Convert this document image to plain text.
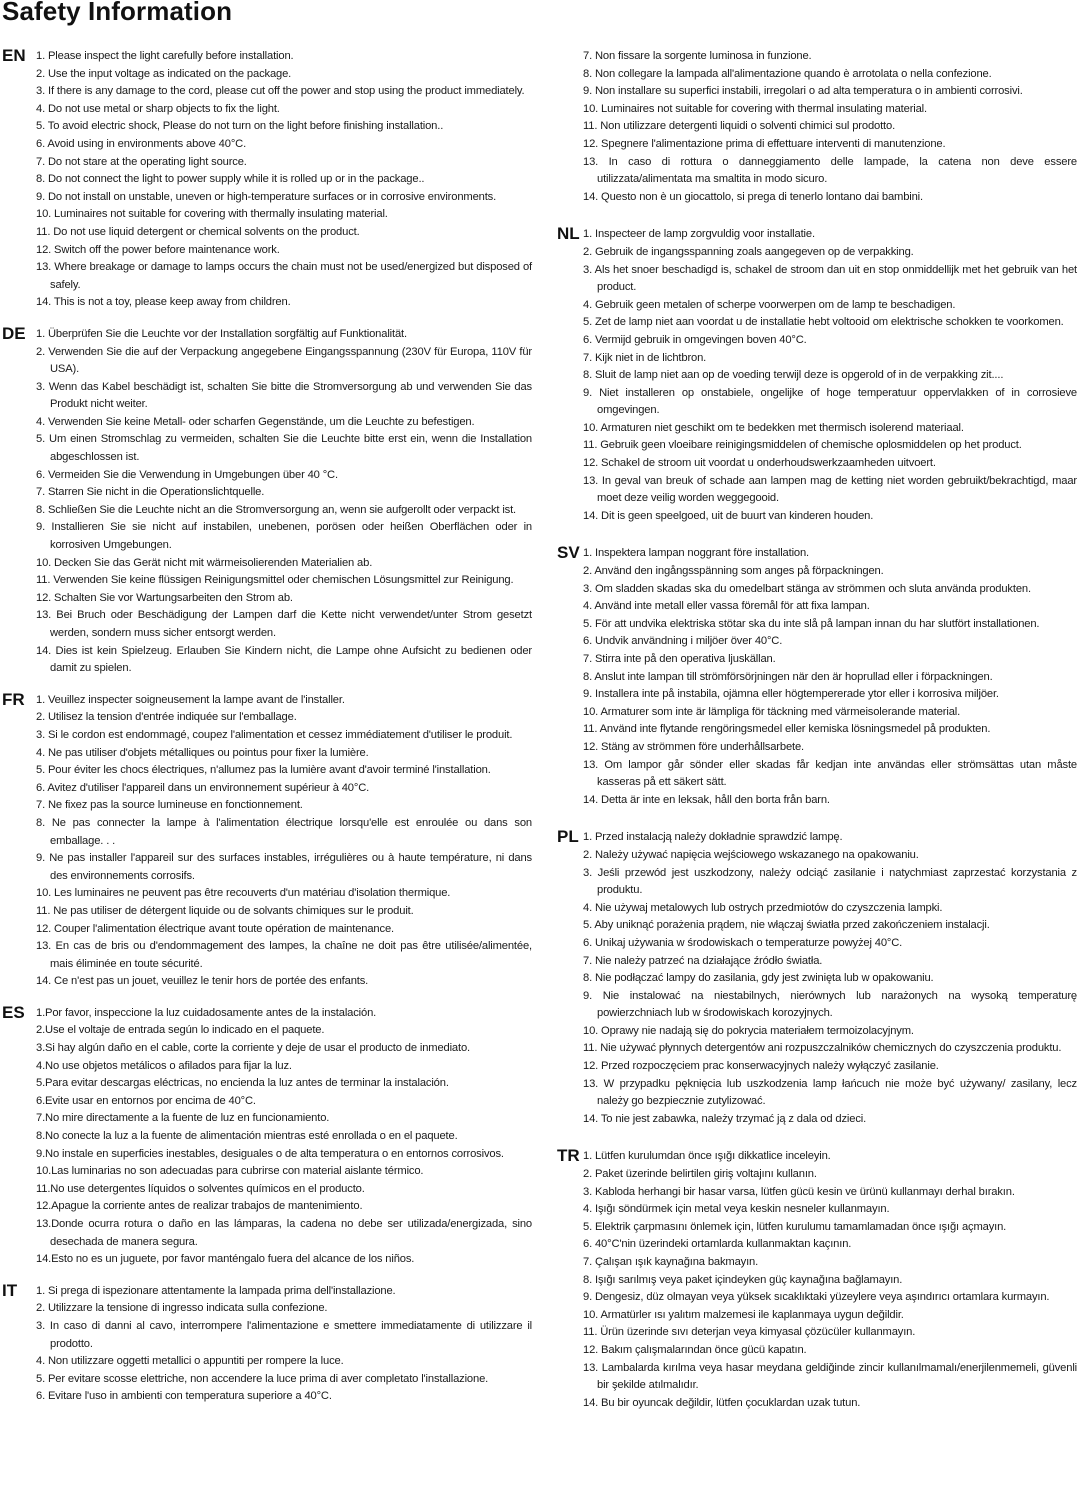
Safety Information
EN 1. Please inspect the light carefully before installation.
2. Use the input voltage as indicated on the package.
3. If there is any damage to the cord, please cut off the power and stop using the product immediately.
4. Do not use metal or sharp objects to fix the light.
5. To avoid electric shock, Please do not turn on the light before finishing installation..
6. Avoid using in environments above 40°C.
7. Do not stare at the operating light source.
8. Do not connect the light to power supply while it is rolled up or in the package..
9. Do not install on unstable, uneven or high-temperature surfaces or in corrosive environments.
10. Luminaires not suitable for covering with thermally insulating material.
11. Do not use liquid detergent or chemical solvents on the product.
12. Switch off the power before maintenance work.
13. Where breakage or damage to lamps occurs the chain must not be used/energized but disposed of safely.
14. This is not a toy, please keep away from children.
DE 1. Überprüfen Sie die Leuchte vor der Installation sorgfältig auf Funktionalität.
2. Verwenden Sie die auf der Verpackung angegebene Eingangsspannung (230V für Europa, 110V für USA).
3. Wenn das Kabel beschädigt ist, schalten Sie bitte die Stromversorgung ab und verwenden Sie das Produkt nicht weiter.
4. Verwenden Sie keine Metall- oder scharfen Gegenstände, um die Leuchte zu befestigen.
5. Um einen Stromschlag zu vermeiden, schalten Sie die Leuchte bitte erst ein, wenn die Installation abgeschlossen ist.
6. Vermeiden Sie die Verwendung in Umgebungen über 40 °C.
7. Starren Sie nicht in die Operationslichtquelle.
8. Schließen Sie die Leuchte nicht an die Stromversorgung an, wenn sie aufgerollt oder verpackt ist.
9. Installieren Sie sie nicht auf instabilen, unebenen, porösen oder heißen Oberflächen oder in korrosiven Umgebungen.
10. Decken Sie das Gerät nicht mit wärmeisolierenden Materialien ab.
11. Verwenden Sie keine flüssigen Reinigungsmittel oder chemischen Lösungsmittel zur Reinigung.
12. Schalten Sie vor Wartungsarbeiten den Strom ab.
13. Bei Bruch oder Beschädigung der Lampen darf die Kette nicht verwendet/unter Strom gesetzt werden, sondern muss sicher entsorgt werden.
14. Dies ist kein Spielzeug. Erlauben Sie Kindern nicht, die Lampe ohne Aufsicht zu bedienen oder damit zu spielen.
FR 1. Veuillez inspecter soigneusement la lampe avant de l'installer.
2. Utilisez la tension d'entrée indiquée sur l'emballage.
3. Si le cordon est endommagé, coupez l'alimentation et cessez immédiatement d'utiliser le produit.
4. Ne pas utiliser d'objets métalliques ou pointus pour fixer la lumière.
5. Pour éviter les chocs électriques, n'allumez pas la lumière avant d'avoir terminé l'installation.
6. Avitez d'utiliser l'appareil dans un environnement supérieur à 40°C.
7. Ne fixez pas la source lumineuse en fonctionnement.
8. Ne pas connecter la lampe à l'alimentation électrique lorsqu'elle est enroulée ou dans son emballage. . .
9. Ne pas installer l'appareil sur des surfaces instables, irrégulières ou à haute température, ni dans des environnements corrosifs.
10. Les luminaires ne peuvent pas être recouverts d'un matériau d'isolation thermique.
11. Ne pas utiliser de détergent liquide ou de solvants chimiques sur le produit.
12. Couper l'alimentation électrique avant toute opération de maintenance.
13. En cas de bris ou d'endommagement des lampes, la chaîne ne doit pas être utilisée/alimentée, mais éliminée en toute sécurité.
14. Ce n'est pas un jouet, veuillez le tenir hors de portée des enfants.
ES 1.Por favor, inspeccione la luz cuidadosamente antes de la instalación.
2.Use el voltaje de entrada según lo indicado en el paquete.
3.Si hay algún daño en el cable, corte la corriente y deje de usar el producto de inmediato.
4.No use objetos metálicos o afilados para fijar la luz.
5.Para evitar descargas eléctricas, no encienda la luz antes de terminar la instalación.
6.Evite usar en entornos por encima de 40°C.
7.No mire directamente a la fuente de luz en funcionamiento.
8.No conecte la luz a la fuente de alimentación mientras esté enrollada o en el paquete.
9.No instale en superficies inestables, desiguales o de alta temperatura o en entornos corrosivos.
10.Las luminarias no son adecuadas para cubrirse con material aislante térmico.
11.No use detergentes líquidos o solventes químicos en el producto.
12.Apague la corriente antes de realizar trabajos de mantenimiento.
13.Donde ocurra rotura o daño en las lámparas, la cadena no debe ser utilizada/energizada, sino desechada de manera segura.
14.Esto no es un juguete, por favor manténgalo fuera del alcance de los niños.
IT 1. Si prega di ispezionare attentamente la lampada prima dell'installazione.
2. Utilizzare la tensione di ingresso indicata sulla confezione.
3. In caso di danni al cavo, interrompere l'alimentazione e smettere immediatamente di utilizzare il prodotto.
4. Non utilizzare oggetti metallici o appuntiti per rompere la luce.
5. Per evitare scosse elettriche, non accendere la luce prima di aver completato l'installazione.
6. Evitare l'uso in ambienti con temperatura superiore a 40°C.
7. Non fissare la sorgente luminosa in funzione.
8. Non collegare la lampada all'alimentazione quando è arrotolata o nella confezione.
9. Non installare su superfici instabili, irregolari o ad alta temperatura o in ambienti corrosivi.
10. Luminaires not suitable for covering with thermal insulating material.
11. Non utilizzare detergenti liquidi o solventi chimici sul prodotto.
12. Spegnere l'alimentazione prima di effettuare interventi di manutenzione.
13. In caso di rottura o danneggiamento delle lampade, la catena non deve essere utilizzata/alimentata ma smaltita in modo sicuro.
14. Questo non è un giocattolo, si prega di tenerlo lontano dai bambini.
NL 1. Inspecteer de lamp zorgvuldig voor installatie.
2. Gebruik de ingangsspanning zoals aangegeven op de verpakking.
3. Als het snoer beschadigd is, schakel de stroom dan uit en stop onmiddellijk met het gebruik van het product.
4. Gebruik geen metalen of scherpe voorwerpen om de lamp te beschadigen.
5. Zet de lamp niet aan voordat u de installatie hebt voltooid om elektrische schokken te voorkomen.
6. Vermijd gebruik in omgevingen boven 40°C.
7. Kijk niet in de lichtbron.
8. Sluit de lamp niet aan op de voeding terwijl deze is opgerold of in de verpakking zit....
9. Niet installeren op onstabiele, ongelijke of hoge temperatuur oppervlakken of in corrosieve omgevingen.
10. Armaturen niet geschikt om te bedekken met thermisch isolerend materiaal.
11. Gebruik geen vloeibare reinigingsmiddelen of chemische oplosmiddelen op het product.
12. Schakel de stroom uit voordat u onderhoudswerkzaamheden uitvoert.
13. In geval van breuk of schade aan lampen mag de ketting niet worden gebruikt/bekrachtigd, maar moet deze veilig worden weggegooid.
14. Dit is geen speelgoed, uit de buurt van kinderen houden.
SV 1. Inspektera lampan noggrant före installation.
2. Använd den ingångsspänning som anges på förpackningen.
3. Om sladden skadas ska du omedelbart stänga av strömmen och sluta använda produkten.
4. Använd inte metall eller vassa föremål för att fixa lampan.
5. För att undvika elektriska stötar ska du inte slå på lampan innan du har slutfört installationen.
6. Undvik användning i miljöer över 40°C.
7. Stirra inte på den operativa ljuskällan.
8. Anslut inte lampan till strömförsörjningen när den är hoprullad eller i förpackningen.
9. Installera inte på instabila, ojämna eller högtempererade ytor eller i korrosiva miljöer.
10. Armaturer som inte är lämpliga för täckning med värmeisolerande material.
11. Använd inte flytande rengöringsmedel eller kemiska lösningsmedel på produkten.
12. Stäng av strömmen före underhållsarbete.
13. Om lampor går sönder eller skadas får kedjan inte användas eller strömsättas utan måste kasseras på ett säkert sätt.
14. Detta är inte en leksak, håll den borta från barn.
PL 1. Przed instalacją należy dokładnie sprawdzić lampę.
2. Należy używać napięcia wejściowego wskazanego na opakowaniu.
3. Jeśli przewód jest uszkodzony, należy odciąć zasilanie i natychmiast zaprzestać korzystania z produktu.
4. Nie używaj metalowych lub ostrych przedmiotów do czyszczenia lampki.
5. Aby uniknąć porażenia prądem, nie włączaj światła przed zakończeniem instalacji.
6. Unikaj używania w środowiskach o temperaturze powyżej 40°C.
7. Nie należy patrzeć na działające źródło światła.
8. Nie podłączać lampy do zasilania, gdy jest zwinięta lub w opakowaniu.
9. Nie instalować na niestabilnych, nierównych lub narażonych na wysoką temperaturę powierzchniach lub w środowiskach korozyjnych.
10. Oprawy nie nadają się do pokrycia materiałem termoizolacyjnym.
11. Nie używać płynnych detergentów ani rozpuszczalników chemicznych do czyszczenia produktu.
12. Przed rozpoczęciem prac konserwacyjnych należy wyłączyć zasilanie.
13. W przypadku pęknięcia lub uszkodzenia lamp łańcuch nie może być używany/ zasilany, lecz należy go bezpiecznie zutylizować.
14. To nie jest zabawka, należy trzymać ją z dala od dzieci.
TR 1. Lütfen kurulumdan önce ışığı dikkatlice inceleyin.
2. Paket üzerinde belirtilen giriş voltajını kullanın.
3. Kabloda herhangi bir hasar varsa, lütfen gücü kesin ve ürünü kullanmayı derhal bırakın.
4. Işığı söndürmek için metal veya keskin nesneler kullanmayın.
5. Elektrik çarpmasını önlemek için, lütfen kurulumu tamamlamadan önce ışığı açmayın.
6. 40°C'nin üzerindeki ortamlarda kullanmaktan kaçının.
7. Çalışan ışık kaynağına bakmayın.
8. Işığı sarılmış veya paket içindeyken güç kaynağına bağlamayın.
9. Dengesiz, düz olmayan veya yüksek sıcaklıktaki yüzeylere veya aşındırıcı ortamlara kurmayın.
10. Armatürler ısı yalıtım malzemesi ile kaplanmaya uygun değildir.
11. Ürün üzerinde sıvı deterjan veya kimyasal çözücüler kullanmayın.
12. Bakım çalışmalarından önce gücü kapatın.
13. Lambalarda kırılma veya hasar meydana geldiğinde zincir kullanılmamalı/enerjilenmemeli, güvenli bir şekilde atılmalıdır.
14. Bu bir oyuncak değildir, lütfen çocuklardan uzak tutun.
